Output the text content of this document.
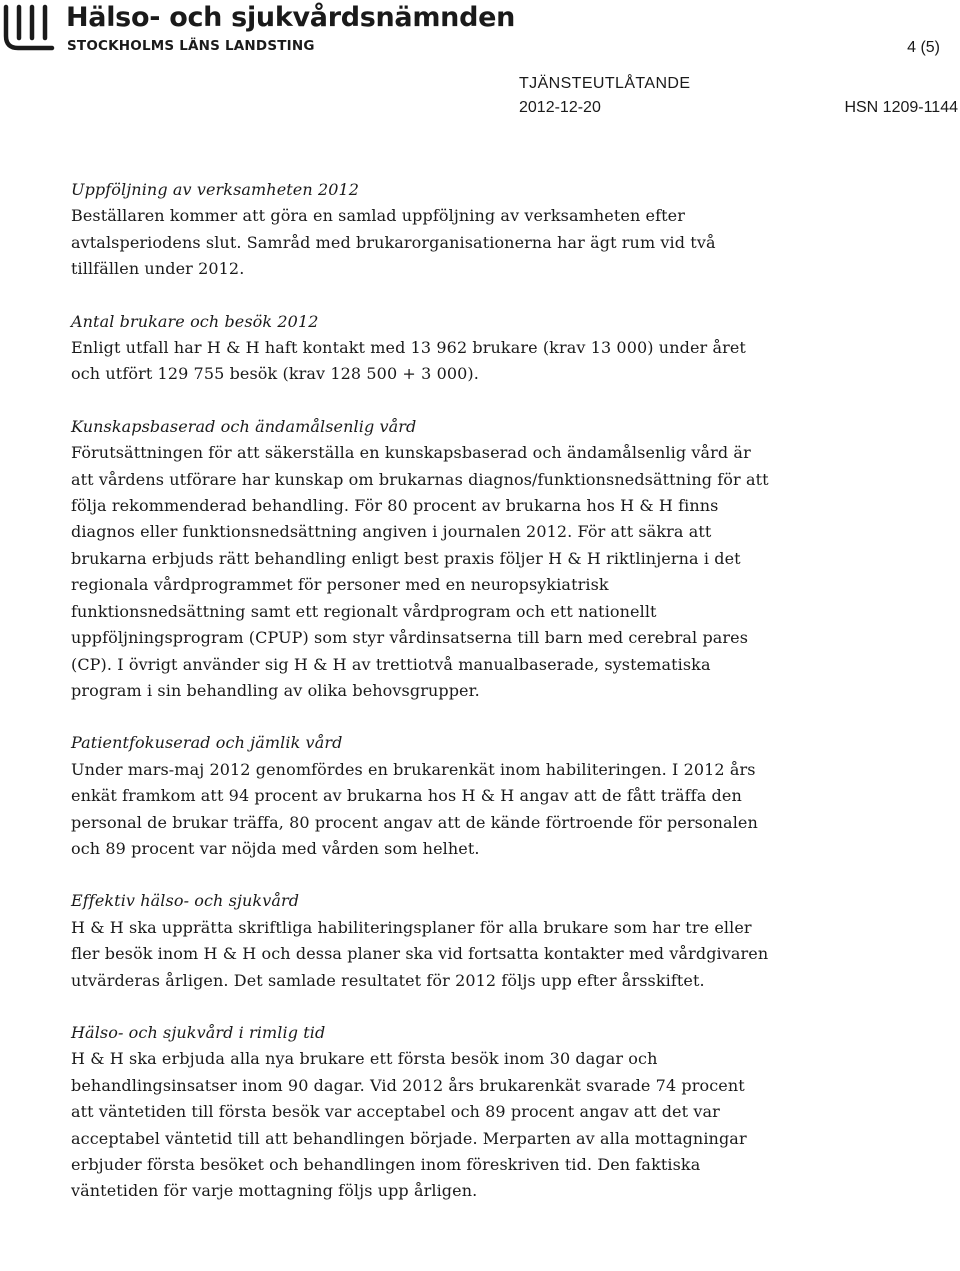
Hälso- och sjukvårdsnämnden
STOCKHOLMS LÄNS LANDSTING	4 (5)
TJÄNSTEUTLÅTANDE
2012-12-20	HSN 1209-1144

Uppföljning av verksamheten 2012

Beställaren kommer att göra en samlad uppföljning av verksamheten efter avtalsperiodens slut. Samråd med brukarorganisationerna har ägt rum vid två tillfällen under 2012.

Antal brukare och besök 2012

Enligt utfall har H & H haft kontakt med 13 962 brukare (krav 13 000) under året och utfört 129 755 besök (krav 128 500 + 3 000).

Kunskapsbaserad och ändamålsenlig vård

Förutsättningen för att säkerställa en kunskapsbaserad och ändamålsenlig vård är att vårdens utförare har kunskap om brukarnas diagnos/funktionsnedsättning för att följa rekommenderad behandling. För 80 procent av brukarna hos H & H finns diagnos eller funktionsnedsättning angiven i journalen 2012. För att säkra att brukarna erbjuds rätt behandling enligt best praxis följer H & H riktlinjerna i det regionala vårdprogrammet för personer med en neuropsykiatrisk funktionsnedsättning samt ett regionalt vårdprogram och ett nationellt uppföljningsprogram (CPUP) som styr vårdinsatserna till barn med cerebral pares (CP). I övrigt använder sig H & H av trettiotvå manualbaserade, systematiska program i sin behandling av olika behovsgrupper.

Patientfokuserad och jämlik vård

Under mars-maj 2012 genomfördes en brukarenkät inom habiliteringen. I 2012 års enkät framkom att 94 procent av brukarna hos H & H angav att de fått träffa den personal de brukar träffa, 80 procent angav att de kände förtroende för personalen och 89 procent var nöjda med vården som helhet.

Effektiv hälso- och sjukvård

H & H ska upprätta skriftliga habiliteringsplaner för alla brukare som har tre eller fler besök inom H & H och dessa planer ska vid fortsatta kontakter med vårdgivaren utvärderas årligen. Det samlade resultatet för 2012 följs upp efter årsskiftet.

Hälso- och sjukvård i rimlig tid

H & H ska erbjuda alla nya brukare ett första besök inom 30 dagar och behandlingsinsatser inom 90 dagar. Vid 2012 års brukarenkät svarade 74 procent att väntetiden till första besök var acceptabel och 89 procent angav att det var acceptabel väntetid till att behandlingen började. Merparten av alla mottagningar erbjuder första besöket och behandlingen inom föreskriven tid. Den faktiska väntetiden för varje mottagning följs upp årligen.
